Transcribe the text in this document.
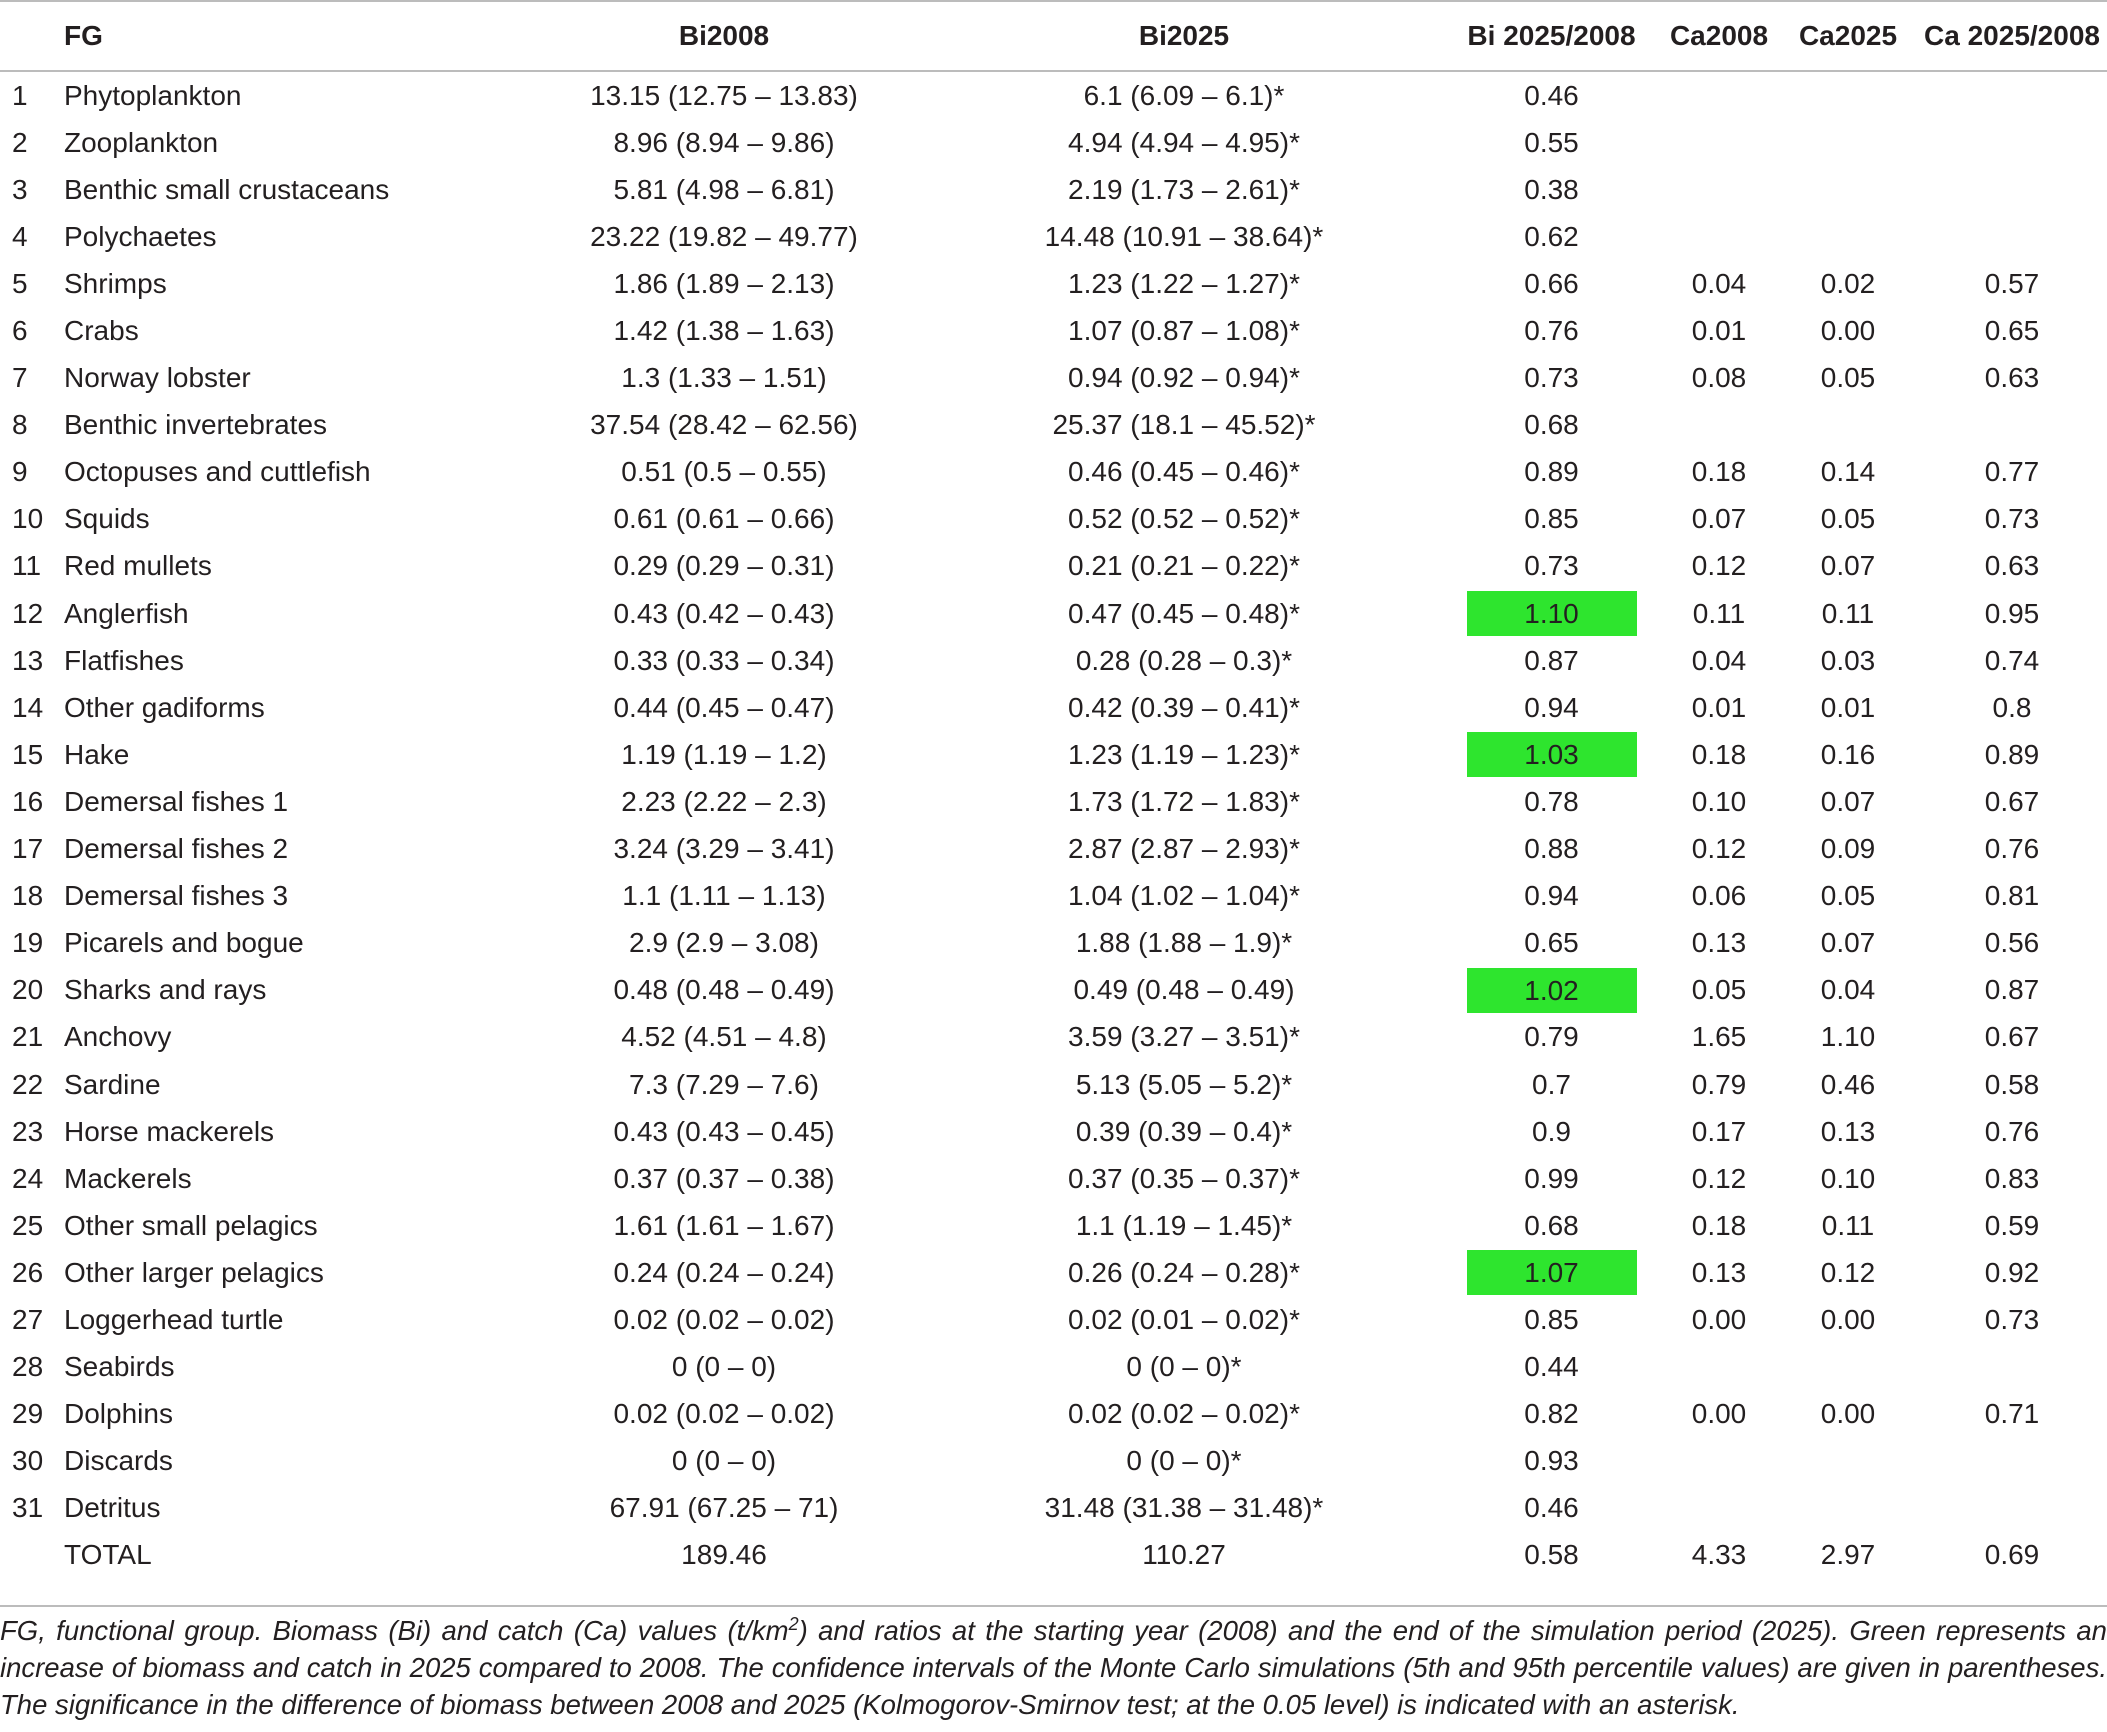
	FG	Bi2008	Bi2025	Bi 2025/2008	Ca2008	Ca2025	Ca 2025/2008
1	Phytoplankton	13.15 (12.75 – 13.83)	6.1 (6.09 – 6.1)*	0.46			
2	Zooplankton	8.96 (8.94 – 9.86)	4.94 (4.94 – 4.95)*	0.55			
3	Benthic small crustaceans	5.81 (4.98 – 6.81)	2.19 (1.73 – 2.61)*	0.38			
4	Polychaetes	23.22 (19.82 – 49.77)	14.48 (10.91 – 38.64)*	0.62			
5	Shrimps	1.86 (1.89 – 2.13)	1.23 (1.22 – 1.27)*	0.66	0.04	0.02	0.57
6	Crabs	1.42 (1.38 – 1.63)	1.07 (0.87 – 1.08)*	0.76	0.01	0.00	0.65
7	Norway lobster	1.3 (1.33 – 1.51)	0.94 (0.92 – 0.94)*	0.73	0.08	0.05	0.63
8	Benthic invertebrates	37.54 (28.42 – 62.56)	25.37 (18.1 – 45.52)*	0.68			
9	Octopuses and cuttlefish	0.51 (0.5 – 0.55)	0.46 (0.45 – 0.46)*	0.89	0.18	0.14	0.77
10	Squids	0.61 (0.61 – 0.66)	0.52 (0.52 – 0.52)*	0.85	0.07	0.05	0.73
11	Red mullets	0.29 (0.29 – 0.31)	0.21 (0.21 – 0.22)*	0.73	0.12	0.07	0.63
12	Anglerfish	0.43 (0.42 – 0.43)	0.47 (0.45 – 0.48)*	1.10	0.11	0.11	0.95
13	Flatfishes	0.33 (0.33 – 0.34)	0.28 (0.28 – 0.3)*	0.87	0.04	0.03	0.74
14	Other gadiforms	0.44 (0.45 – 0.47)	0.42 (0.39 – 0.41)*	0.94	0.01	0.01	0.8
15	Hake	1.19 (1.19 – 1.2)	1.23 (1.19 – 1.23)*	1.03	0.18	0.16	0.89
16	Demersal fishes 1	2.23 (2.22 – 2.3)	1.73 (1.72 – 1.83)*	0.78	0.10	0.07	0.67
17	Demersal fishes 2	3.24 (3.29 – 3.41)	2.87 (2.87 – 2.93)*	0.88	0.12	0.09	0.76
18	Demersal fishes 3	1.1 (1.11 – 1.13)	1.04 (1.02 – 1.04)*	0.94	0.06	0.05	0.81
19	Picarels and bogue	2.9 (2.9 – 3.08)	1.88 (1.88 – 1.9)*	0.65	0.13	0.07	0.56
20	Sharks and rays	0.48 (0.48 – 0.49)	0.49 (0.48 – 0.49)	1.02	0.05	0.04	0.87
21	Anchovy	4.52 (4.51 – 4.8)	3.59 (3.27 – 3.51)*	0.79	1.65	1.10	0.67
22	Sardine	7.3 (7.29 – 7.6)	5.13 (5.05 – 5.2)*	0.7	0.79	0.46	0.58
23	Horse mackerels	0.43 (0.43 – 0.45)	0.39 (0.39 – 0.4)*	0.9	0.17	0.13	0.76
24	Mackerels	0.37 (0.37 – 0.38)	0.37 (0.35 – 0.37)*	0.99	0.12	0.10	0.83
25	Other small pelagics	1.61 (1.61 – 1.67)	1.1 (1.19 – 1.45)*	0.68	0.18	0.11	0.59
26	Other larger pelagics	0.24 (0.24 – 0.24)	0.26 (0.24 – 0.28)*	1.07	0.13	0.12	0.92
27	Loggerhead turtle	0.02 (0.02 – 0.02)	0.02 (0.01 – 0.02)*	0.85	0.00	0.00	0.73
28	Seabirds	0 (0 – 0)	0 (0 – 0)*	0.44			
29	Dolphins	0.02 (0.02 – 0.02)	0.02 (0.02 – 0.02)*	0.82	0.00	0.00	0.71
30	Discards	0 (0 – 0)	0 (0 – 0)*	0.93			
31	Detritus	67.91 (67.25 – 71)	31.48 (31.38 – 31.48)*	0.46			
	TOTAL	189.46	110.27	0.58	4.33	2.97	0.69
FG, functional group. Biomass (Bi) and catch (Ca) values $(t/km^2)$ and ratios at the starting year (2008) and the end of the simulation period (2025). Green represents an increase of biomass and catch in 2025 compared to 2008. The confidence intervals of the Monte Carlo simulations (5th and 95th percentile values) are given in parentheses. The significance in the difference of biomass between 2008 and 2025 (Kolmogorov-Smirnov test; at the 0.05 level) is indicated with an asterisk.
